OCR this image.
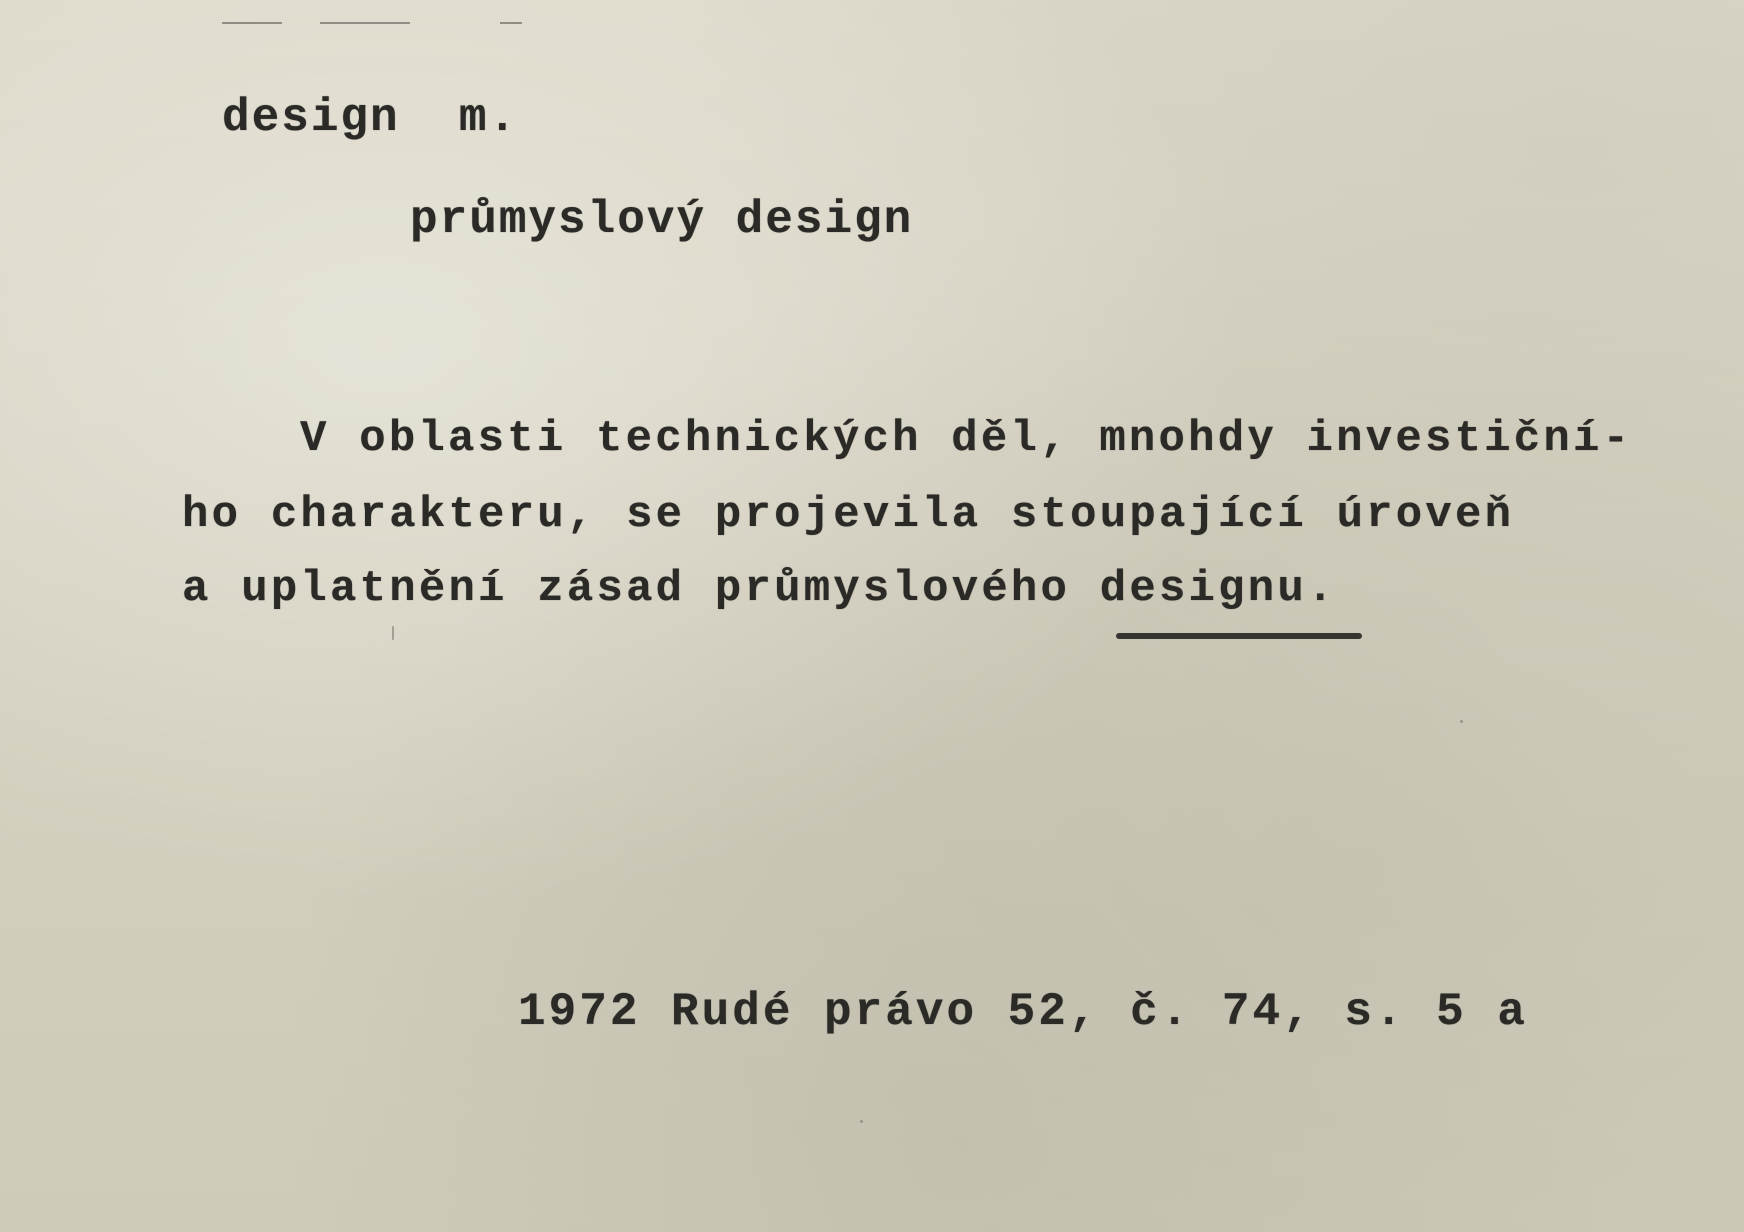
design  m.
průmyslový design
V oblasti technických děl, mnohdy investiční-
ho charakteru, se projevila stoupající úroveň
a uplatnění zásad průmyslového designu.
1972 Rudé právo 52, č. 74, s. 5 a
